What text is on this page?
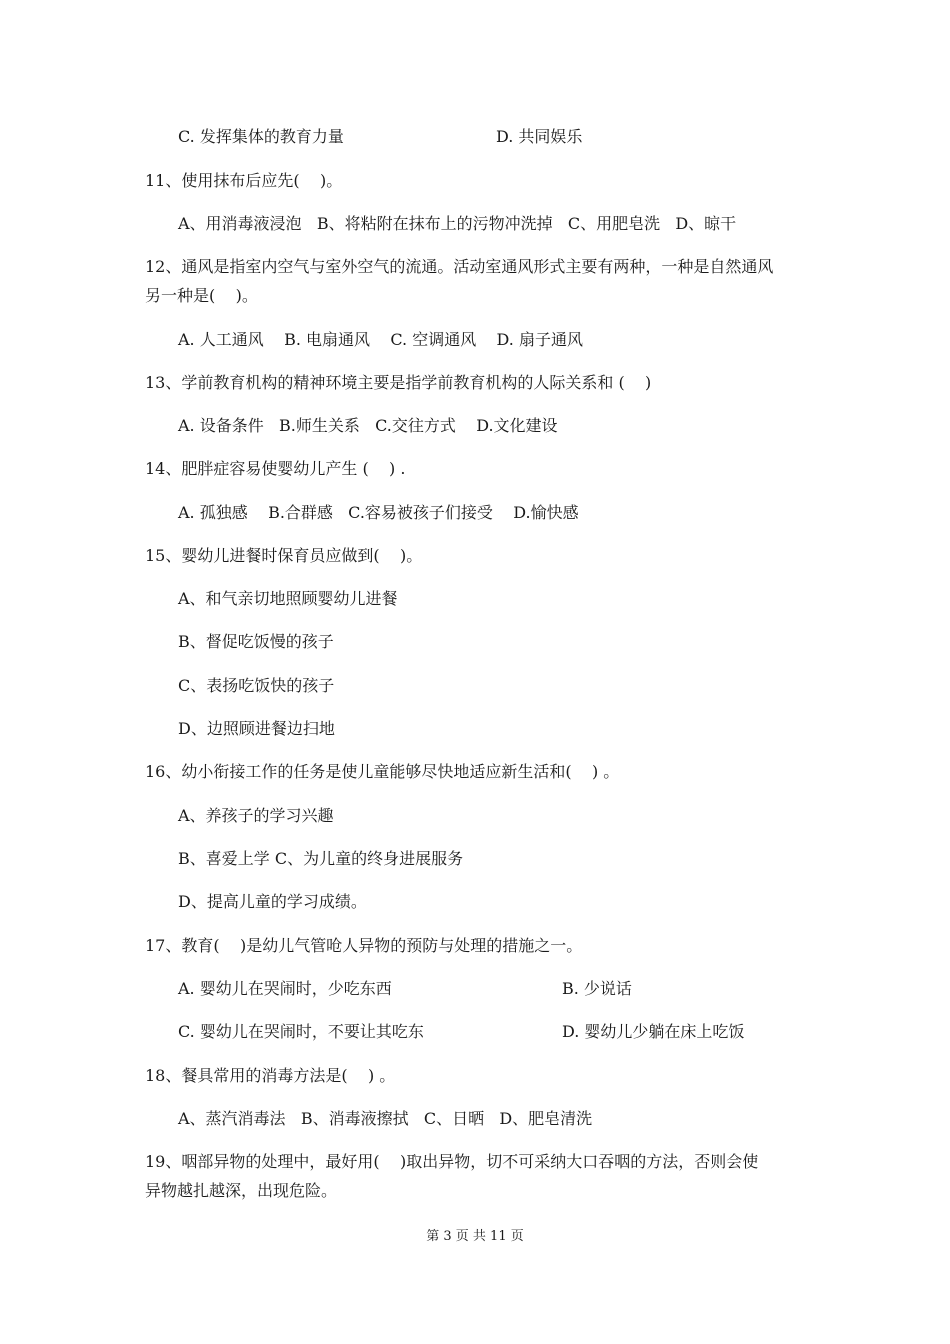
C. 发挥集体的教育力量	D. 共同娱乐
11、使用抹布后应先(    )。
A、用消毒液浸泡   B、将粘附在抹布上的污物冲洗掉   C、用肥皂洗   D、晾干
12、通风是指室内空气与室外空气的流通。活动室通风形式主要有两种，一种是自然通风
另一种是(    )。
A. 人工通风    B. 电扇通风    C. 空调通风    D. 扇子通风
13、学前教育机构的精神环境主要是指学前教育机构的人际关系和 (    )
A. 设备条件   B.师生关系   C.交往方式    D.文化建设
14、肥胖症容易使婴幼儿产生 (    ) .
A. 孤独感    B.合群感   C.容易被孩子们接受    D.愉快感
15、婴幼儿进餐时保育员应做到(    )。
A、和气亲切地照顾婴幼儿进餐
B、督促吃饭慢的孩子
C、表扬吃饭快的孩子
D、边照顾进餐边扫地
16、幼小衔接工作的任务是使儿童能够尽快地适应新生活和(    ) 。
A、养孩子的学习兴趣
B、喜爱上学 C、为儿童的终身进展服务
D、提高儿童的学习成绩。
17、教育(    )是幼儿气管呛人异物的预防与处理的措施之一。
A. 婴幼儿在哭闹时，少吃东西	B. 少说话
C. 婴幼儿在哭闹时，不要让其吃东	D. 婴幼儿少躺在床上吃饭
18、餐具常用的消毒方法是(    ) 。
A、蒸汽消毒法   B、消毒液擦拭   C、日晒   D、肥皂清洗
19、咽部异物的处理中，最好用(    )取出异物，切不可采纳大口吞咽的方法，否则会使
异物越扎越深，出现危险。
第 3 页 共 11 页
